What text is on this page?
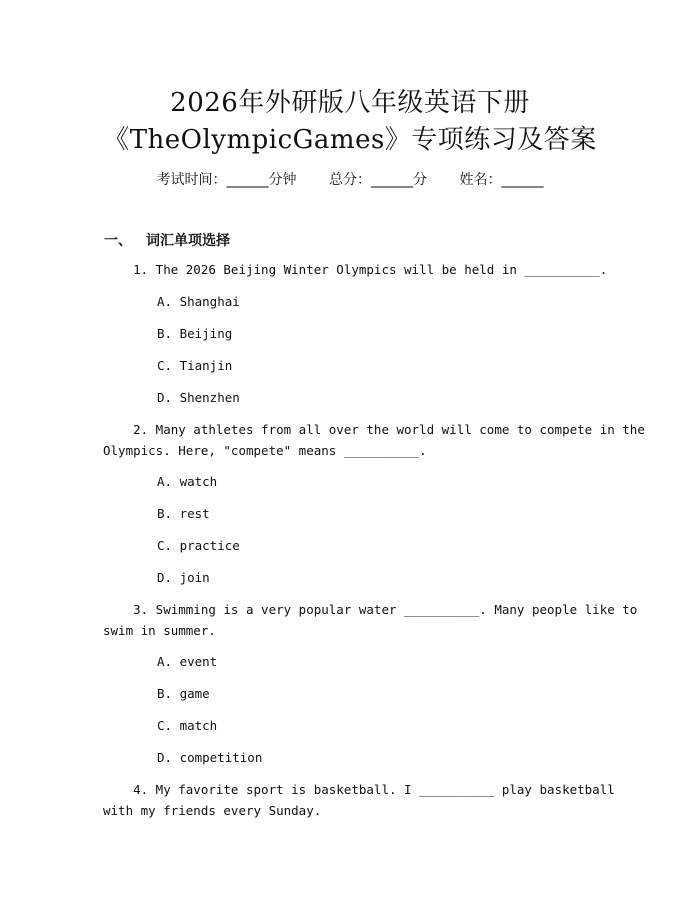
2026年外研版八年级英语下册
《TheOlympicGames》专项练习及答案
考试时间：______分钟 总分：______分 姓名：______
一、 词汇单项选择
1. The 2026 Beijing Winter Olympics will be held in __________.
A. Shanghai
B. Beijing
C. Tianjin
D. Shenzhen
2. Many athletes from all over the world will come to compete in the
Olympics. Here, "compete" means __________.
A. watch
B. rest
C. practice
D. join
3. Swimming is a very popular water __________. Many people like to
swim in summer.
A. event
B. game
C. match
D. competition
4. My favorite sport is basketball. I __________ play basketball
with my friends every Sunday.
